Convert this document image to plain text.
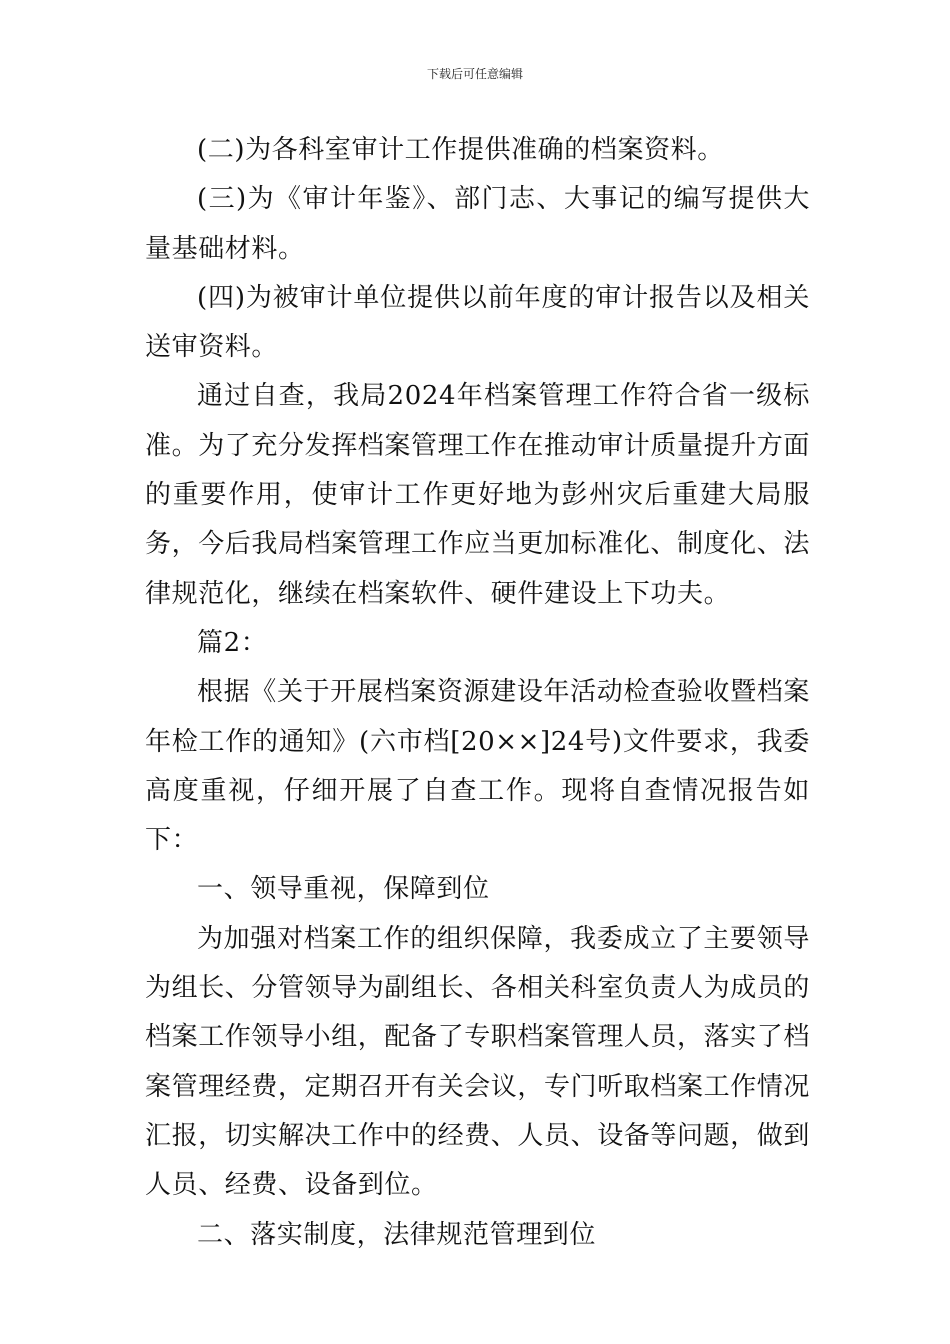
下载后可任意编辑

(二)为各科室审计工作提供准确的档案资料。

(三)为《审计年鉴》、部门志、大事记的编写提供大量基础材料。

(四)为被审计单位提供以前年度的审计报告以及相关送审资料。

通过自查，我局2024年档案管理工作符合省一级标准。为了充分发挥档案管理工作在推动审计质量提升方面的重要作用，使审计工作更好地为彭州灾后重建大局服务，今后我局档案管理工作应当更加标准化、制度化、法律规范化，继续在档案软件、硬件建设上下功夫。

篇2：

根据《关于开展档案资源建设年活动检查验收暨档案年检工作的通知》(六市档[20××]24号)文件要求，我委高度重视，仔细开展了自查工作。现将自查情况报告如下：

一、领导重视，保障到位

为加强对档案工作的组织保障，我委成立了主要领导为组长、分管领导为副组长、各相关科室负责人为成员的档案工作领导小组，配备了专职档案管理人员，落实了档案管理经费，定期召开有关会议，专门听取档案工作情况汇报，切实解决工作中的经费、人员、设备等问题，做到人员、经费、设备到位。

二、落实制度，法律规范管理到位
